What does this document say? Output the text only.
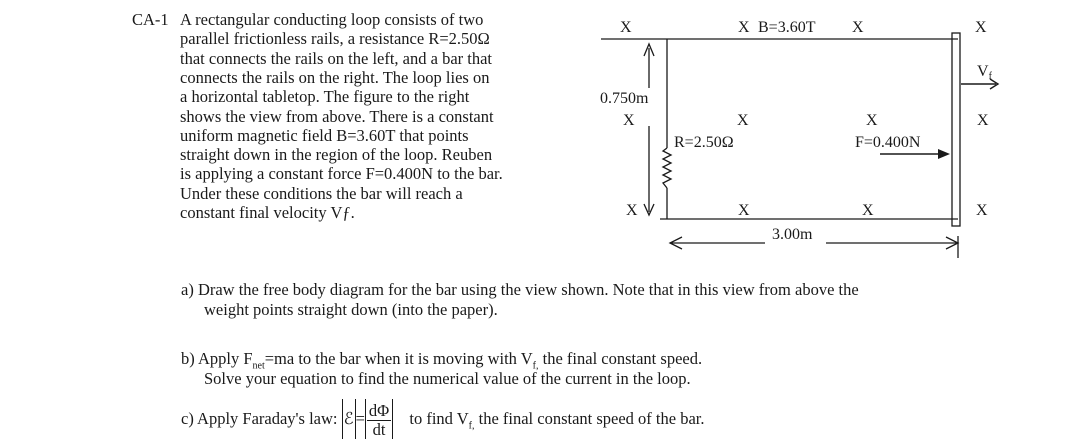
CA-1 A rectangular conducting loop consists of two
parallel frictionless rails, a resistance R=2.50Ω
that connects the rails on the left, and a bar that
connects the rails on the right. The loop lies on
a horizontal tabletop. The figure to the right
shows the view from above. There is a constant
uniform magnetic field B=3.60T that points
straight down in the region of the loop. Reuben
is applying a constant force F=0.400N to the bar.
Under these conditions the bar will reach a
constant final velocity Vƒ.
X	X B=3.60T X	X
0.750m
X	X	X	X
R=2.50Ω	F=0.400N
X	X	X	X
3.00m
Vf
a) Draw the free body diagram for the bar using the view shown. Note that in this view from above the
weight points straight down (into the paper).
b) Apply $F_{net}=ma$ to the bar when it is moving with $V_{f,}$ the final constant speed.
Solve your equation to find the numerical value of the current in the loop.
c) Apply Faraday's law: ℰ = $\frac{d\Phi}{dt}$ to find $V_{f,}$ the final constant speed of the bar.
